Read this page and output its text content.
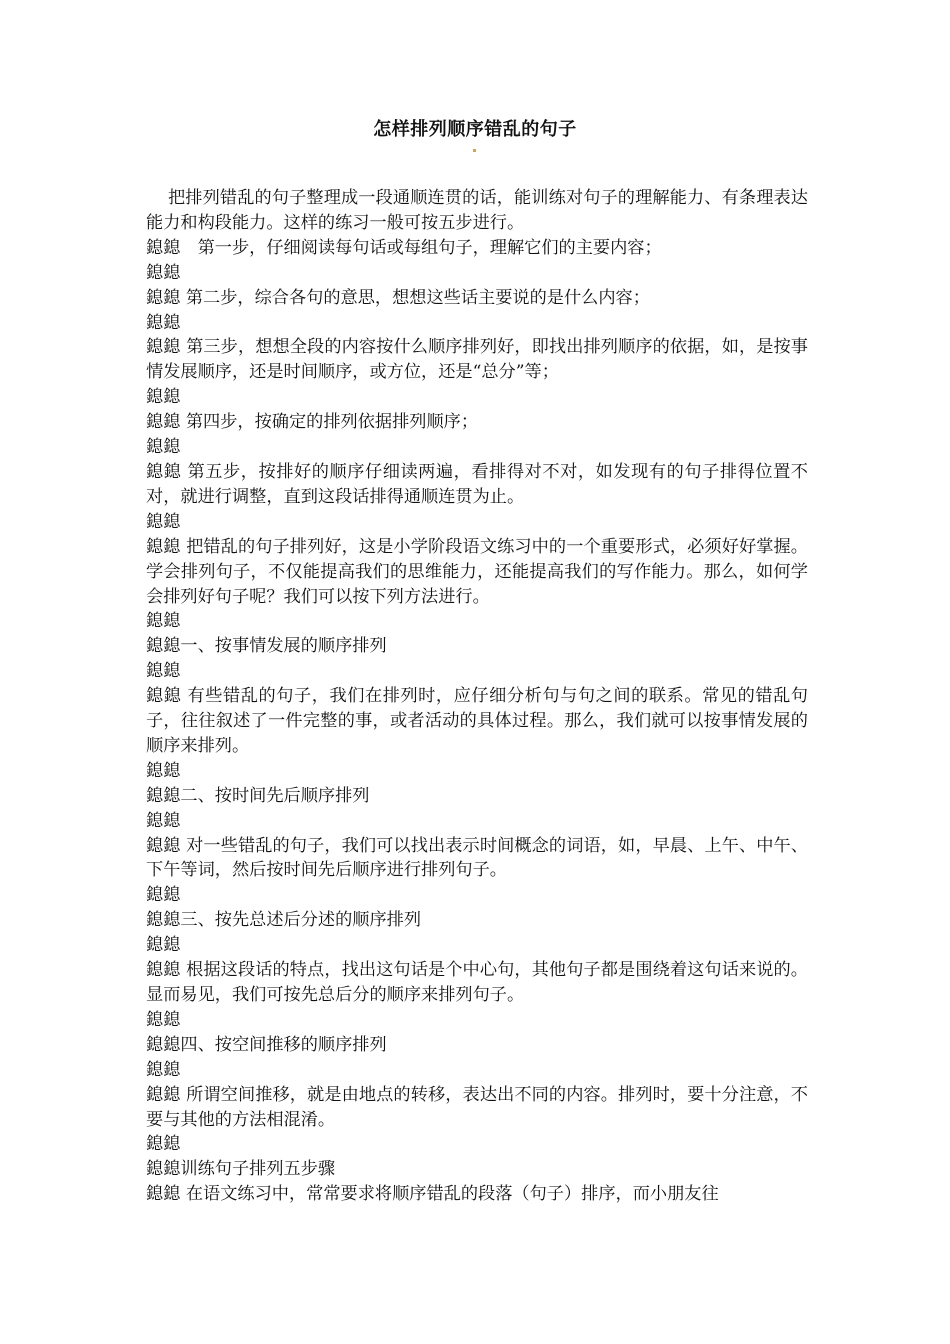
怎样排列顺序错乱的句子

把排列错乱的句子整理成一段通顺连贯的话，能训练对句子的理解能力、有条理表达能力和构段能力。这样的练习一般可按五步进行。

鎴鎴　第一步，仔细阅读每句话或每组句子，理解它们的主要内容；

鎴鎴

鎴鎴 第二步，综合各句的意思，想想这些话主要说的是什么内容；

鎴鎴

鎴鎴 第三步，想想全段的内容按什么顺序排列好，即找出排列顺序的依据，如，是按事情发展顺序，还是时间顺序，或方位，还是“总分”等；

鎴鎴

鎴鎴 第四步，按确定的排列依据排列顺序；

鎴鎴

鎴鎴 第五步，按排好的顺序仔细读两遍，看排得对不对，如发现有的句子排得位置不对，就进行调整，直到这段话排得通顺连贯为止。

鎴鎴

鎴鎴 把错乱的句子排列好，这是小学阶段语文练习中的一个重要形式，必须好好掌握。学会排列句子，不仅能提高我们的思维能力，还能提高我们的写作能力。那么，如何学会排列好句子呢？我们可以按下列方法进行。

鎴鎴

鎴鎴一、按事情发展的顺序排列

鎴鎴

鎴鎴 有些错乱的句子，我们在排列时，应仔细分析句与句之间的联系。常见的错乱句子，往往叙述了一件完整的事，或者活动的具体过程。那么，我们就可以按事情发展的顺序来排列。

鎴鎴

鎴鎴二、按时间先后顺序排列

鎴鎴

鎴鎴 对一些错乱的句子，我们可以找出表示时间概念的词语，如，早晨、上午、中午、下午等词，然后按时间先后顺序进行排列句子。

鎴鎴

鎴鎴三、按先总述后分述的顺序排列

鎴鎴

鎴鎴 根据这段话的特点，找出这句话是个中心句，其他句子都是围绕着这句话来说的。显而易见，我们可按先总后分的顺序来排列句子。

鎴鎴

鎴鎴四、按空间推移的顺序排列

鎴鎴

鎴鎴 所谓空间推移，就是由地点的转移，表达出不同的内容。排列时，要十分注意，不要与其他的方法相混淆。

鎴鎴

鎴鎴训练句子排列五步骤

鎴鎴 在语文练习中，常常要求将顺序错乱的段落（句子）排序，而小朋友往
